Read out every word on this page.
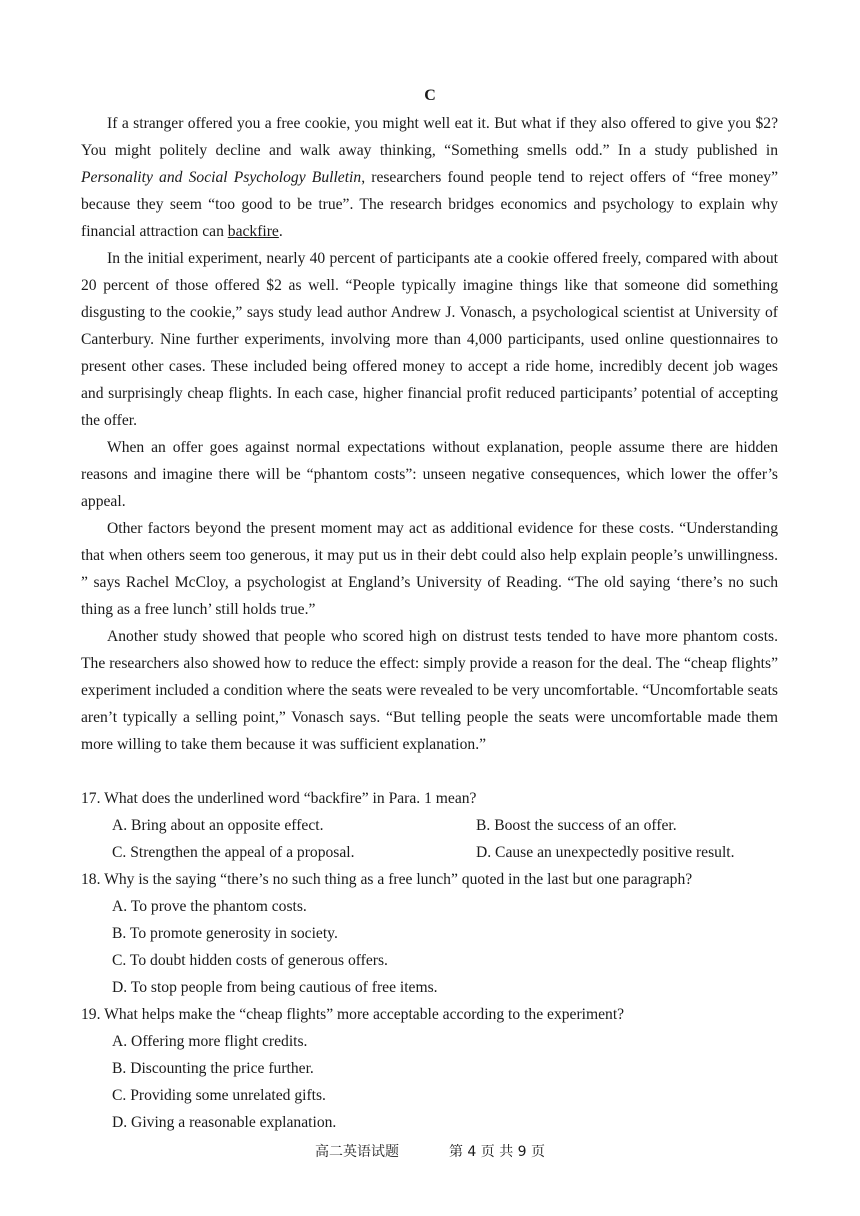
C

If a stranger offered you a free cookie, you might well eat it. But what if they also offered to give you $2? You might politely decline and walk away thinking, “Something smells odd.” In a study published in Personality and Social Psychology Bulletin, researchers found people tend to reject offers of “free money” because they seem “too good to be true”. The research bridges economics and psychology to explain why financial attraction can backfire.

In the initial experiment, nearly 40 percent of participants ate a cookie offered freely, compared with about 20 percent of those offered $2 as well. “People typically imagine things like that someone did something disgusting to the cookie,” says study lead author Andrew J. Vonasch, a psychological scientist at University of Canterbury. Nine further experiments, involving more than 4,000 participants, used online questionnaires to present other cases. These included being offered money to accept a ride home, incredibly decent job wages and surprisingly cheap flights. In each case, higher financial profit reduced participants’ potential of accepting the offer.

When an offer goes against normal expectations without explanation, people assume there are hidden reasons and imagine there will be “phantom costs”: unseen negative consequences, which lower the offer’s appeal.

Other factors beyond the present moment may act as additional evidence for these costs. “Understanding that when others seem too generous, it may put us in their debt could also help explain people’s unwillingness. ” says Rachel McCloy, a psychologist at England’s University of Reading. “The old saying ‘there’s no such thing as a free lunch’ still holds true.”

Another study showed that people who scored high on distrust tests tended to have more phantom costs. The researchers also showed how to reduce the effect: simply provide a reason for the deal. The “cheap flights” experiment included a condition where the seats were revealed to be very uncomfortable. “Uncomfortable seats aren’t typically a selling point,” Vonasch says. “But telling people the seats were uncomfortable made them more willing to take them because it was sufficient explanation.”

17. What does the underlined word “backfire” in Para. 1 mean?
A. Bring about an opposite effect.	B. Boost the success of an offer.
C. Strengthen the appeal of a proposal.	D. Cause an unexpectedly positive result.
18. Why is the saying “there’s no such thing as a free lunch” quoted in the last but one paragraph?
A. To prove the phantom costs.
B. To promote generosity in society.
C. To doubt hidden costs of generous offers.
D. To stop people from being cautious of free items.
19. What helps make the “cheap flights” more acceptable according to the experiment?
A. Offering more flight credits.
B. Discounting the price further.
C. Providing some unrelated gifts.
D. Giving a reasonable explanation.
高二英语试题	第 4 页 共 9 页
